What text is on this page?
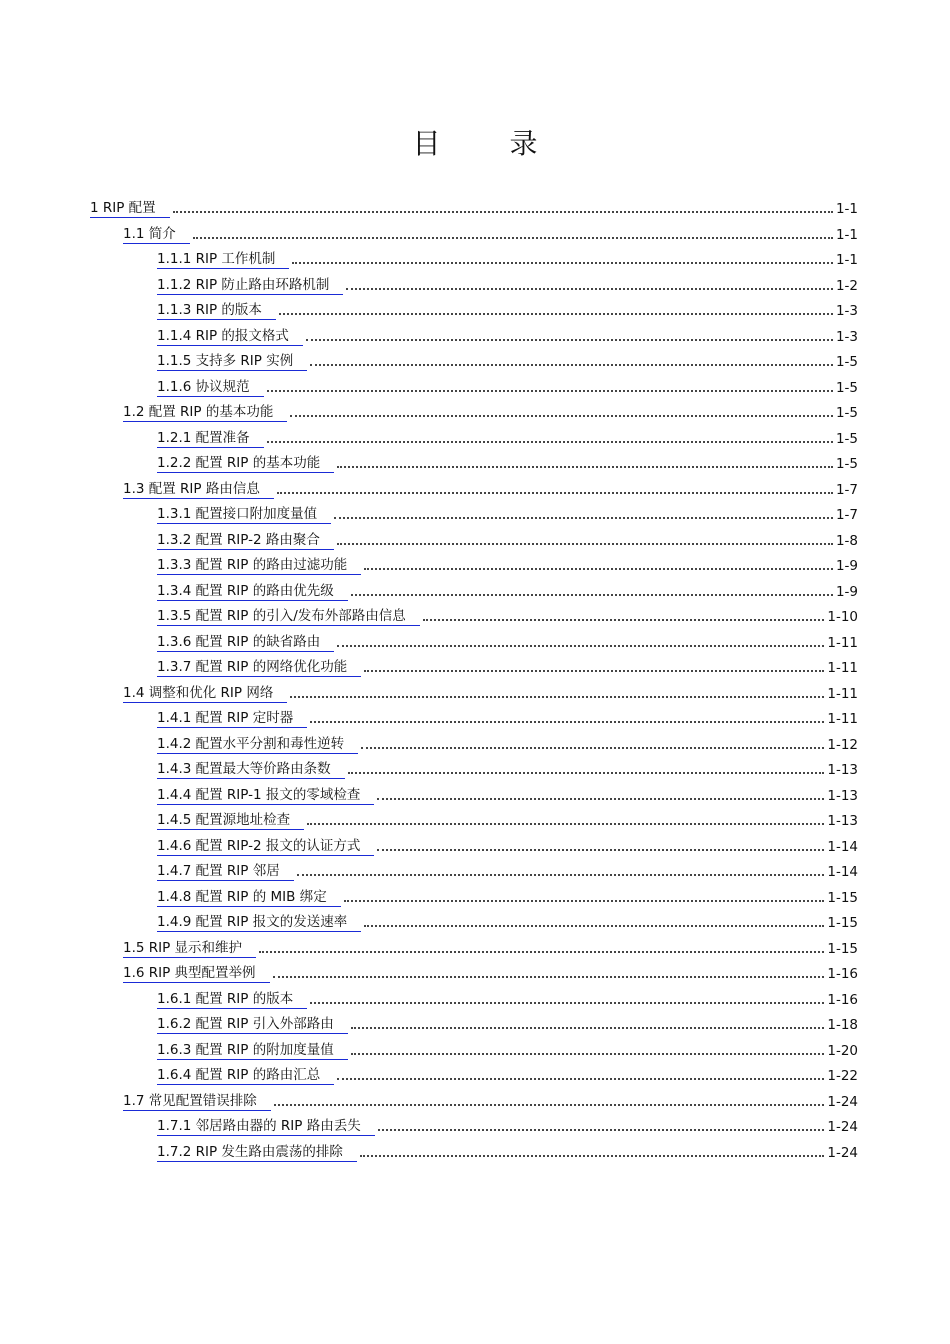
目 录
1 RIP 配置	1-1
1.1 简介	1-1
1.1.1 RIP 工作机制	1-1
1.1.2 RIP 防止路由环路机制	1-2
1.1.3 RIP 的版本	1-3
1.1.4 RIP 的报文格式	1-3
1.1.5 支持多 RIP 实例	1-5
1.1.6 协议规范	1-5
1.2 配置 RIP 的基本功能	1-5
1.2.1 配置准备	1-5
1.2.2 配置 RIP 的基本功能	1-5
1.3 配置 RIP 路由信息	1-7
1.3.1 配置接口附加度量值	1-7
1.3.2 配置 RIP-2 路由聚合	1-8
1.3.3 配置 RIP 的路由过滤功能	1-9
1.3.4 配置 RIP 的路由优先级	1-9
1.3.5 配置 RIP 的引入/发布外部路由信息	1-10
1.3.6 配置 RIP 的缺省路由	1-11
1.3.7 配置 RIP 的网络优化功能	1-11
1.4 调整和优化 RIP 网络	1-11
1.4.1 配置 RIP 定时器	1-11
1.4.2 配置水平分割和毒性逆转	1-12
1.4.3 配置最大等价路由条数	1-13
1.4.4 配置 RIP-1 报文的零域检查	1-13
1.4.5 配置源地址检查	1-13
1.4.6 配置 RIP-2 报文的认证方式	1-14
1.4.7 配置 RIP 邻居	1-14
1.4.8 配置 RIP 的 MIB 绑定	1-15
1.4.9 配置 RIP 报文的发送速率	1-15
1.5 RIP 显示和维护	1-15
1.6 RIP 典型配置举例	1-16
1.6.1 配置 RIP 的版本	1-16
1.6.2 配置 RIP 引入外部路由	1-18
1.6.3 配置 RIP 的附加度量值	1-20
1.6.4 配置 RIP 的路由汇总	1-22
1.7 常见配置错误排除	1-24
1.7.1 邻居路由器的 RIP 路由丢失	1-24
1.7.2 RIP 发生路由震荡的排除	1-24
